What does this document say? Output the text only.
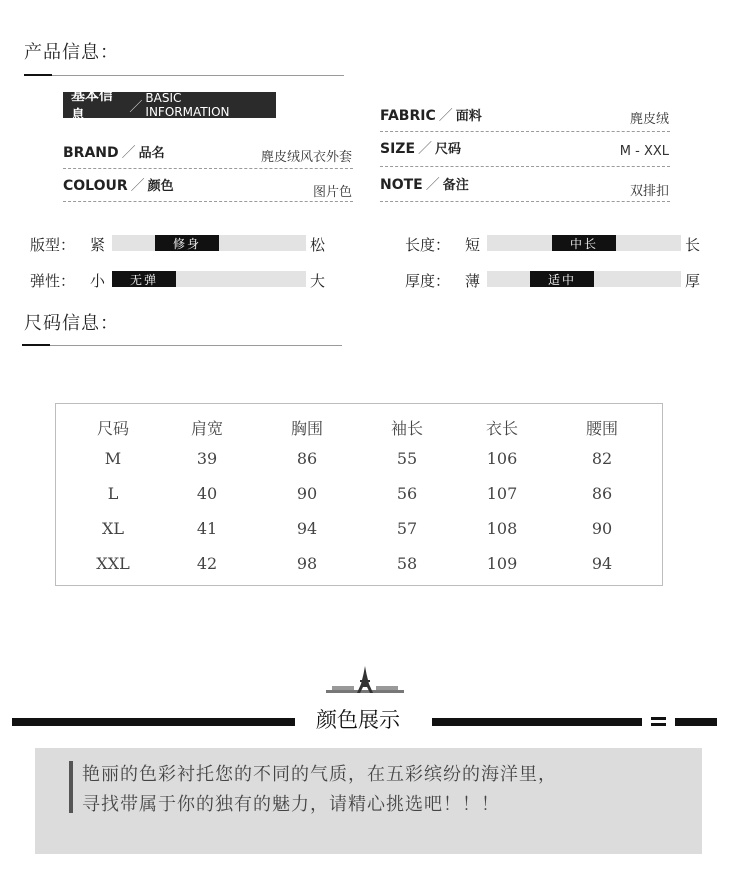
产品信息：
基本信息
／
BASIC INFORMATION
BRAND ／ 品名	麂皮绒风衣外套
COLOUR ／ 颜色	图片色
FABRIC ／ 面料	麂皮绒
SIZE ／ 尺码	M - XXL
NOTE ／ 备注	双排扣
版型： 紧	修身	松	长度： 短	中长	长
弹性： 小	无弹	大	厚度： 薄	适中	厚
尺码信息：
尺码	肩宽	胸围	袖长	衣长	腰围
M	39	86	55	106	82
L	40	90	56	107	86
XL	41	94	57	108	90
XXL	42	98	58	109	94
颜色展示
艳丽的色彩衬托您的不同的气质，在五彩缤纷的海洋里，
寻找带属于你的独有的魅力，请精心挑选吧！！！
